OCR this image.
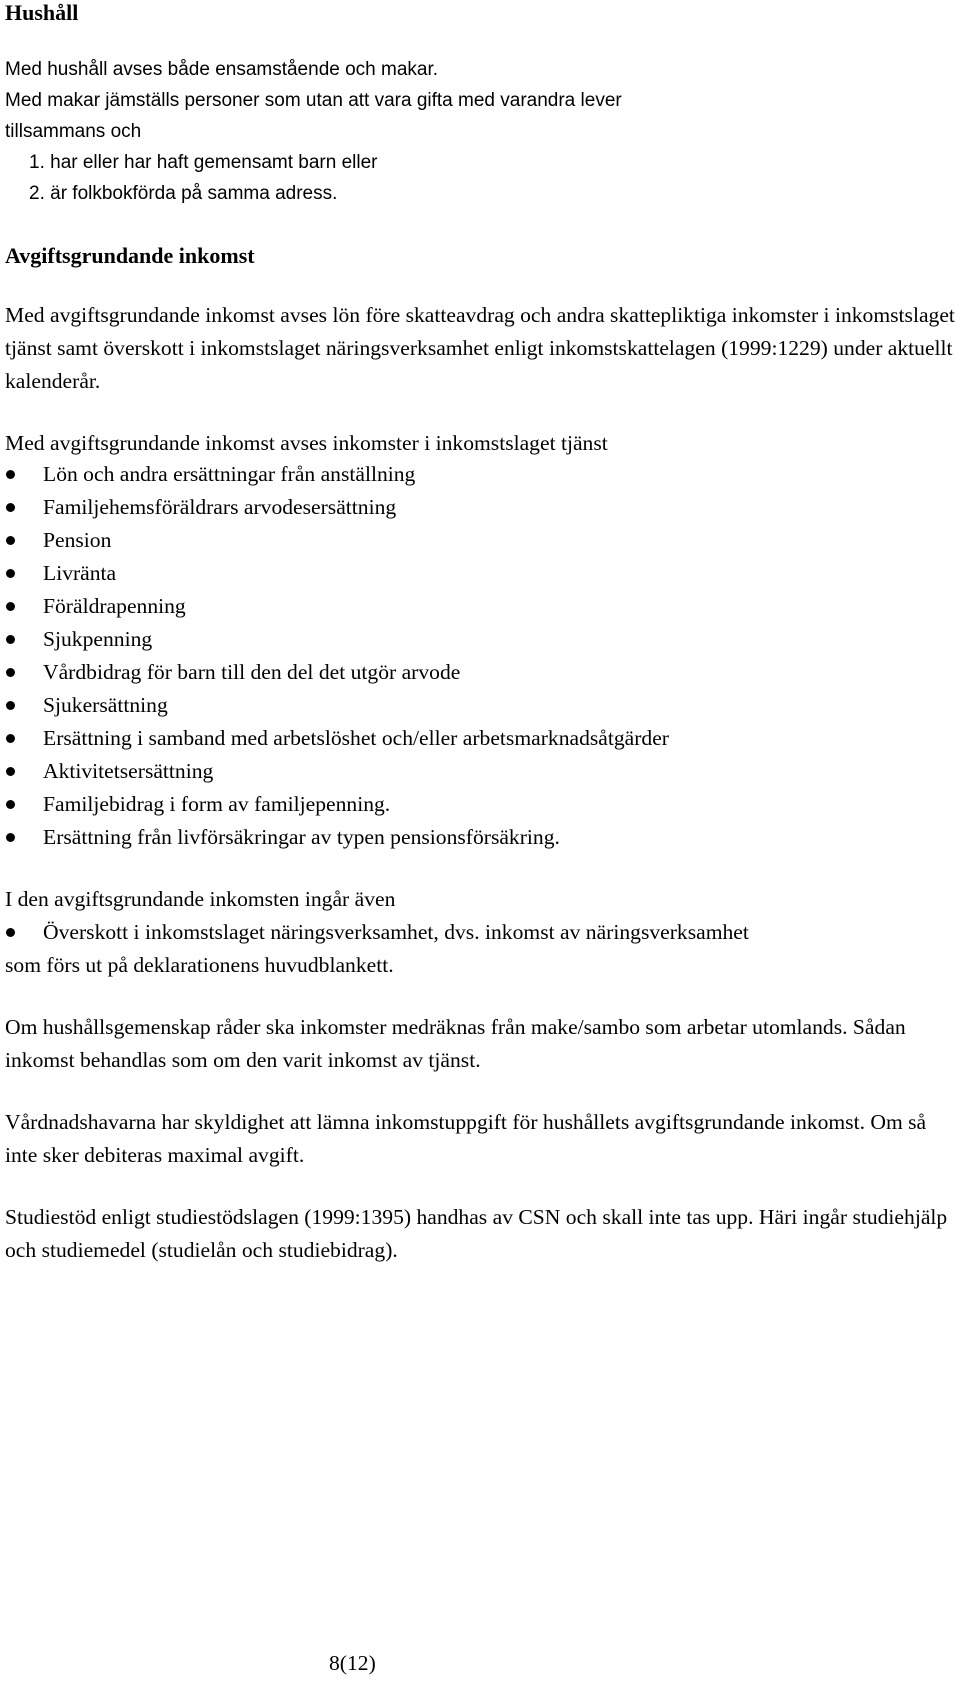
Hushåll

Med hushåll avses både ensamstående och makar.

Med makar jämställs personer som utan att vara gifta med varandra lever

tillsammans och

1. har eller har haft gemensamt barn eller
2. är folkbokförda på samma adress.
Avgiftsgrundande inkomst

Med avgiftsgrundande inkomst avses lön före skatteavdrag och andra skattepliktiga inkomster i inkomstslaget tjänst samt överskott i inkomstslaget näringsverksamhet enligt inkomstskattelagen (1999:1229) under aktuellt kalenderår.

Med avgiftsgrundande inkomst avses inkomster i inkomstslaget tjänst

Lön och andra ersättningar från anställning
Familjehemsföräldrars arvodesersättning
Pension
Livränta
Föräldrapenning
Sjukpenning
Vårdbidrag för barn till den del det utgör arvode
Sjukersättning
Ersättning i samband med arbetslöshet och/eller arbetsmarknadsåtgärder
Aktivitetsersättning
Familjebidrag i form av familjepenning.
Ersättning från livförsäkringar av typen pensionsförsäkring.

I den avgiftsgrundande inkomsten ingår även

Överskott i inkomstslaget näringsverksamhet, dvs. inkomst av näringsverksamhet

som förs ut på deklarationens huvudblankett.

Om hushållsgemenskap råder ska inkomster medräknas från make/sambo som arbetar utomlands. Sådan inkomst behandlas som om den varit inkomst av tjänst.

Vårdnadshavarna har skyldighet att lämna inkomstuppgift för hushållets avgiftsgrundande inkomst. Om så inte sker debiteras maximal avgift.

Studiestöd enligt studiestödslagen (1999:1395) handhas av CSN och skall inte tas upp. Häri ingår studiehjälp och studiemedel (studielån och studiebidrag).

8(12)
